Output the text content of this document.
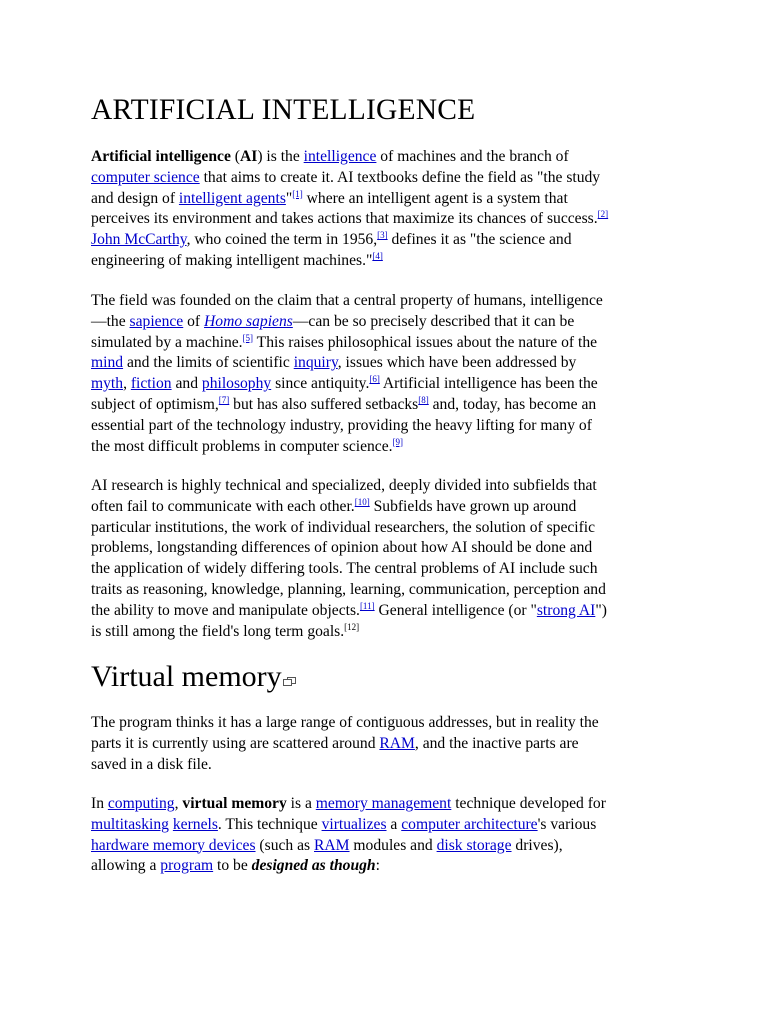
ARTIFICIAL INTELLIGENCE

Artificial intelligence (AI) is the intelligence of machines and the branch of
computer science that aims to create it. AI textbooks define the field as "the study
and design of intelligent agents"[1] where an intelligent agent is a system that
perceives its environment and takes actions that maximize its chances of success.[2]
John McCarthy, who coined the term in 1956,[3] defines it as "the science and
engineering of making intelligent machines."[4]

The field was founded on the claim that a central property of humans, intelligence
—the sapience of Homo sapiens—can be so precisely described that it can be
simulated by a machine.[5] This raises philosophical issues about the nature of the
mind and the limits of scientific inquiry, issues which have been addressed by
myth, fiction and philosophy since antiquity.[6] Artificial intelligence has been the
subject of optimism,[7] but has also suffered setbacks[8] and, today, has become an
essential part of the technology industry, providing the heavy lifting for many of
the most difficult problems in computer science.[9]

AI research is highly technical and specialized, deeply divided into subfields that
often fail to communicate with each other.[10] Subfields have grown up around
particular institutions, the work of individual researchers, the solution of specific
problems, longstanding differences of opinion about how AI should be done and
the application of widely differing tools. The central problems of AI include such
traits as reasoning, knowledge, planning, learning, communication, perception and
the ability to move and manipulate objects.[11] General intelligence (or "strong AI")
is still among the field's long term goals.[12]

Virtual memory

The program thinks it has a large range of contiguous addresses, but in reality the
parts it is currently using are scattered around RAM, and the inactive parts are
saved in a disk file.

In computing, virtual memory is a memory management technique developed for
multitasking kernels. This technique virtualizes a computer architecture's various
hardware memory devices (such as RAM modules and disk storage drives),
allowing a program to be designed as though:
